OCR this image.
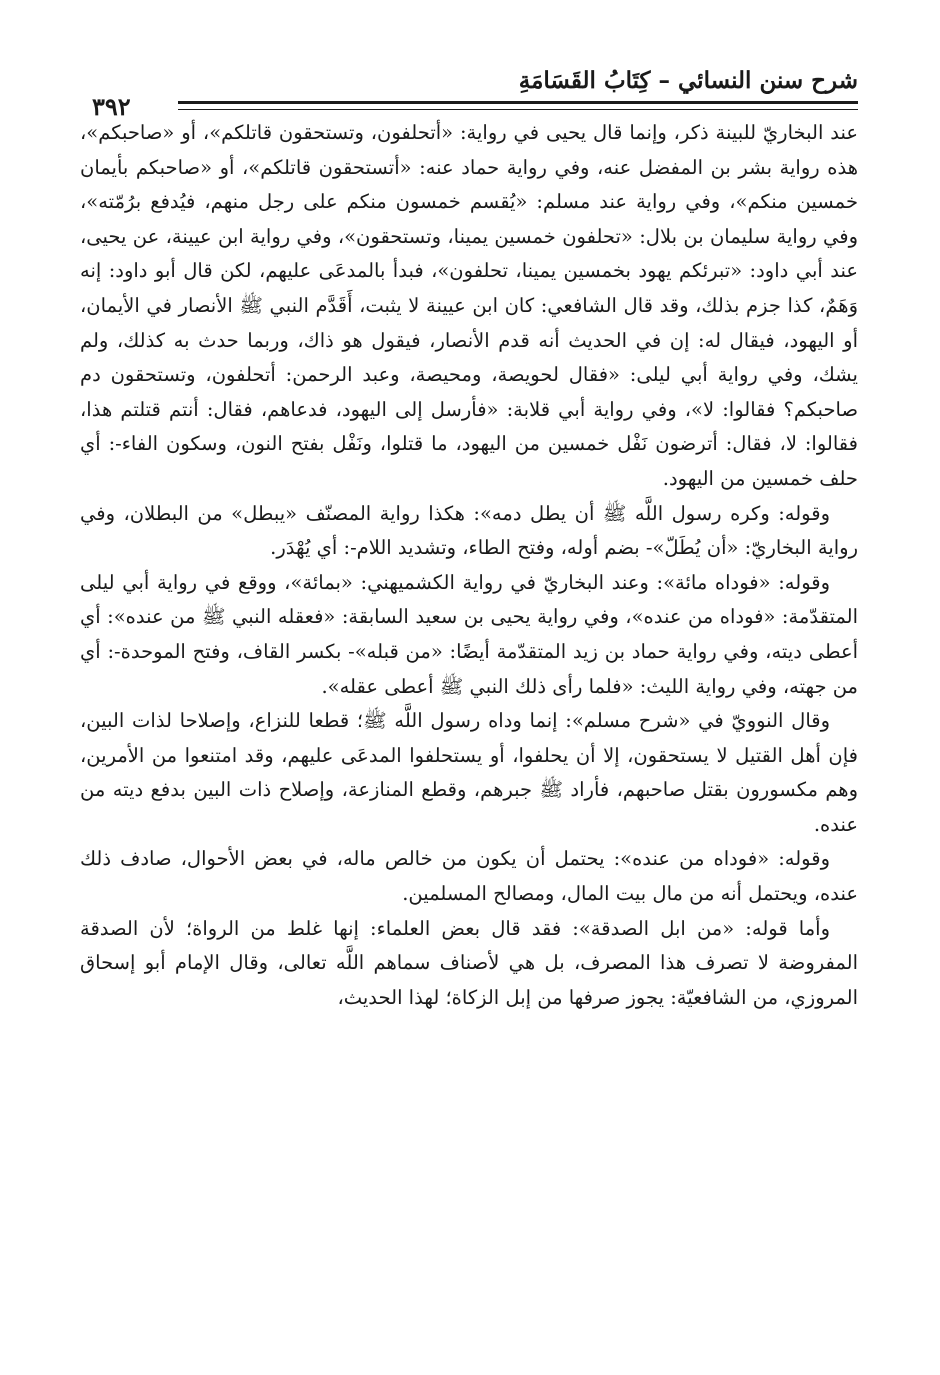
شرح سنن النسائي – كِتَابُ القَسَامَةِ
٣٩٢

عند البخاريّ للبينة ذكر، وإنما قال يحيى في رواية: «أتحلفون، وتستحقون قاتلكم»، أو «صاحبكم»، هذه رواية بشر بن المفضل عنه، وفي رواية حماد عنه: «أتستحقون قاتلكم»، أو «صاحبكم بأيمان خمسين منكم»، وفي رواية عند مسلم: «يُقسم خمسون منكم على رجل منهم، فيُدفع برُمّته»، وفي رواية سليمان بن بلال: «تحلفون خمسين يمينا، وتستحقون»، وفي رواية ابن عيينة، عن يحيى، عند أبي داود: «تبرئكم يهود بخمسين يمينا، تحلفون»، فبدأ بالمدعَى عليهم، لكن قال أبو داود: إنه وَهَمٌ، كذا جزم بذلك، وقد قال الشافعي: كان ابن عيينة لا يثبت، أَقَدَّم النبي ﷺ الأنصار في الأيمان، أو اليهود، فيقال له: إن في الحديث أنه قدم الأنصار، فيقول هو ذاك، وربما حدث به كذلك، ولم يشك، وفي رواية أبي ليلى: «فقال لحويصة، ومحيصة، وعبد الرحمن: أتحلفون، وتستحقون دم صاحبكم؟ فقالوا: لا»، وفي رواية أبي قلابة: «فأرسل إلى اليهود، فدعاهم، فقال: أنتم قتلتم هذا، فقالوا: لا، فقال: أترضون نَفْل خمسين من اليهود، ما قتلوا، ونَفْل بفتح النون، وسكون الفاء-: أي حلف خمسين من اليهود.

وقوله: وكره رسول اللَّه ﷺ أن يطل دمه»: هكذا رواية المصنّف «يبطل» من البطلان، وفي رواية البخاريّ: «أن يُطَلّ»- بضم أوله، وفتح الطاء، وتشديد اللام-: أي يُهْدَر.

وقوله: «فوداه مائة»: وعند البخاريّ في رواية الكشميهني: «بمائة»، ووقع في رواية أبي ليلى المتقدّمة: «فوداه من عنده»، وفي رواية يحيى بن سعيد السابقة: «فعقله النبي ﷺ من عنده»: أي أعطى ديته، وفي رواية حماد بن زيد المتقدّمة أيضًا: «من قبله»- بكسر القاف، وفتح الموحدة-: أي من جهته، وفي رواية الليث: «فلما رأى ذلك النبي ﷺ أعطى عقله».

وقال النوويّ في «شرح مسلم»: إنما وداه رسول اللَّه ﷺ؛ قطعا للنزاع، وإصلاحا لذات البين، فإن أهل القتيل لا يستحقون، إلا أن يحلفوا، أو يستحلفوا المدعَى عليهم، وقد امتنعوا من الأمرين، وهم مكسورون بقتل صاحبهم، فأراد ﷺ جبرهم، وقطع المنازعة، وإصلاح ذات البين بدفع ديته من عنده.

وقوله: «فوداه من عنده»: يحتمل أن يكون من خالص ماله، في بعض الأحوال، صادف ذلك عنده، ويحتمل أنه من مال بيت المال، ومصالح المسلمين.

وأما قوله: «من ابل الصدقة»: فقد قال بعض العلماء: إنها غلط من الرواة؛ لأن الصدقة المفروضة لا تصرف هذا المصرف، بل هي لأصناف سماهم اللَّه تعالى، وقال الإمام أبو إسحاق المروزي، من الشافعيّة: يجوز صرفها من إبل الزكاة؛ لهذا الحديث،
